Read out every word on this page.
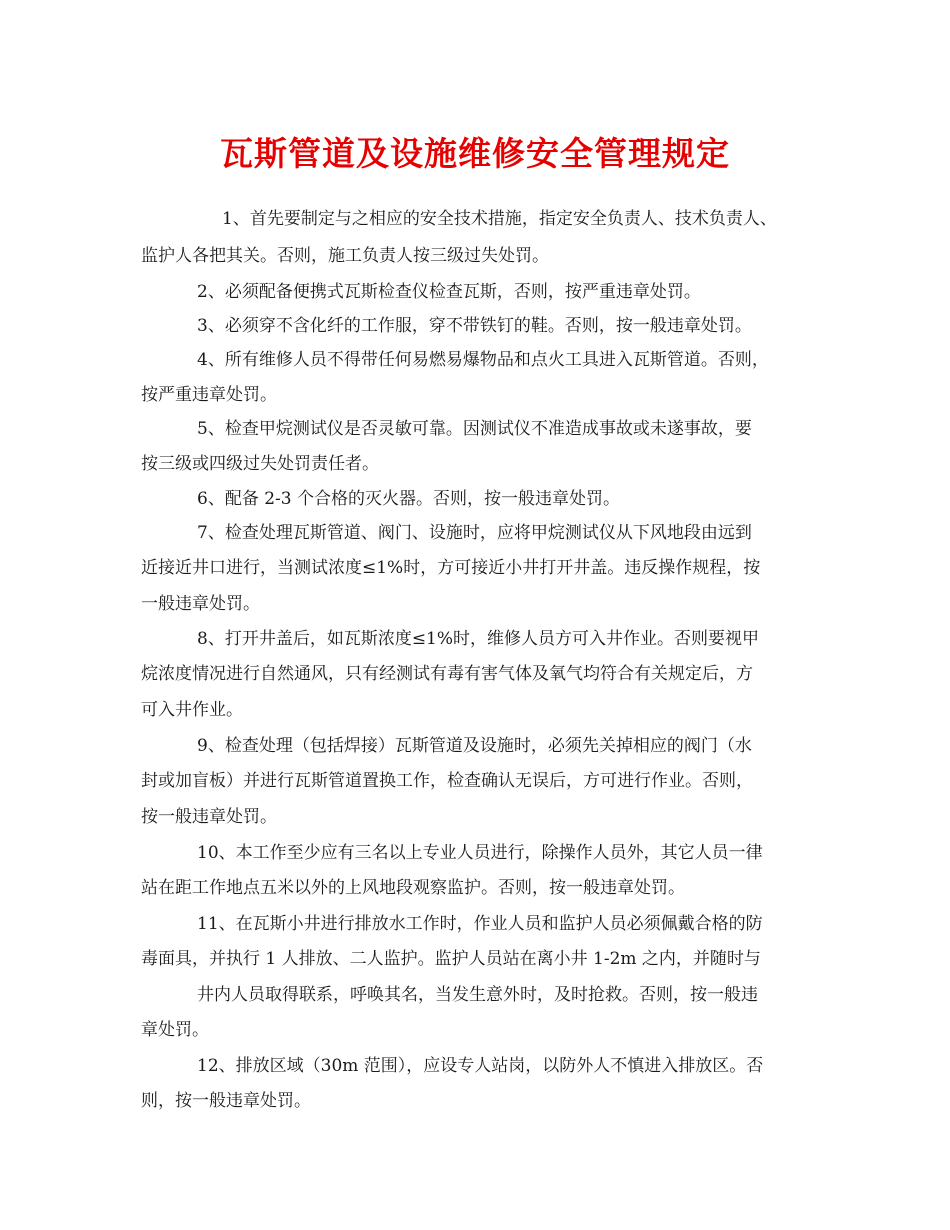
瓦斯管道及设施维修安全管理规定
1、首先要制定与之相应的安全技术措施，指定安全负责人、技术负责人、
监护人各把其关。否则，施工负责人按三级过失处罚。
2、必须配备便携式瓦斯检查仪检查瓦斯，否则，按严重违章处罚。
3、必须穿不含化纤的工作服，穿不带铁钉的鞋。否则，按一般违章处罚。
4、所有维修人员不得带任何易燃易爆物品和点火工具进入瓦斯管道。否则，
按严重违章处罚。
5、检查甲烷测试仪是否灵敏可靠。因测试仪不准造成事故或未遂事故，要
按三级或四级过失处罚责任者。
6、配备 2-3 个合格的灭火器。否则，按一般违章处罚。
7、检查处理瓦斯管道、阀门、设施时，应将甲烷测试仪从下风地段由远到
近接近井口进行，当测试浓度≤1%时，方可接近小井打开井盖。违反操作规程，按
一般违章处罚。
8、打开井盖后，如瓦斯浓度≤1%时，维修人员方可入井作业。否则要视甲
烷浓度情况进行自然通风，只有经测试有毒有害气体及氧气均符合有关规定后，方
可入井作业。
9、检查处理（包括焊接）瓦斯管道及设施时，必须先关掉相应的阀门（水
封或加盲板）并进行瓦斯管道置换工作，检查确认无误后，方可进行作业。否则，
按一般违章处罚。
10、本工作至少应有三名以上专业人员进行，除操作人员外，其它人员一律
站在距工作地点五米以外的上风地段观察监护。否则，按一般违章处罚。
11、在瓦斯小井进行排放水工作时，作业人员和监护人员必须佩戴合格的防
毒面具，并执行 1 人排放、二人监护。监护人员站在离小井 1-2m 之内，并随时与
井内人员取得联系，呼唤其名，当发生意外时，及时抢救。否则，按一般违
章处罚。
12、排放区域（30m 范围），应设专人站岗，以防外人不慎进入排放区。否
则，按一般违章处罚。
